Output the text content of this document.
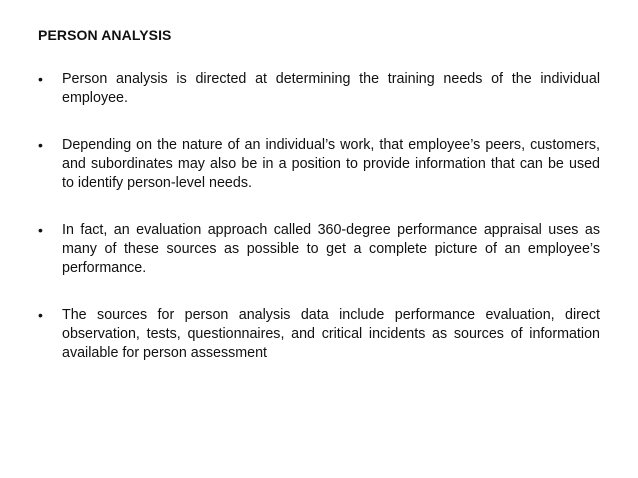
PERSON ANALYSIS
•	Person analysis is directed at determining the training needs of the individual employee.
•	Depending on the nature of an individual’s work, that employee’s peers, customers, and subordinates may also be in a position to provide information that can be used to identify person-level needs.
•	In fact, an evaluation approach called 360-degree performance appraisal uses as many of these sources as possible to get a complete picture of an employee’s performance.
•	The sources for person analysis data include performance evaluation, direct observation, tests, questionnaires, and critical incidents as sources of information available for person assessment
